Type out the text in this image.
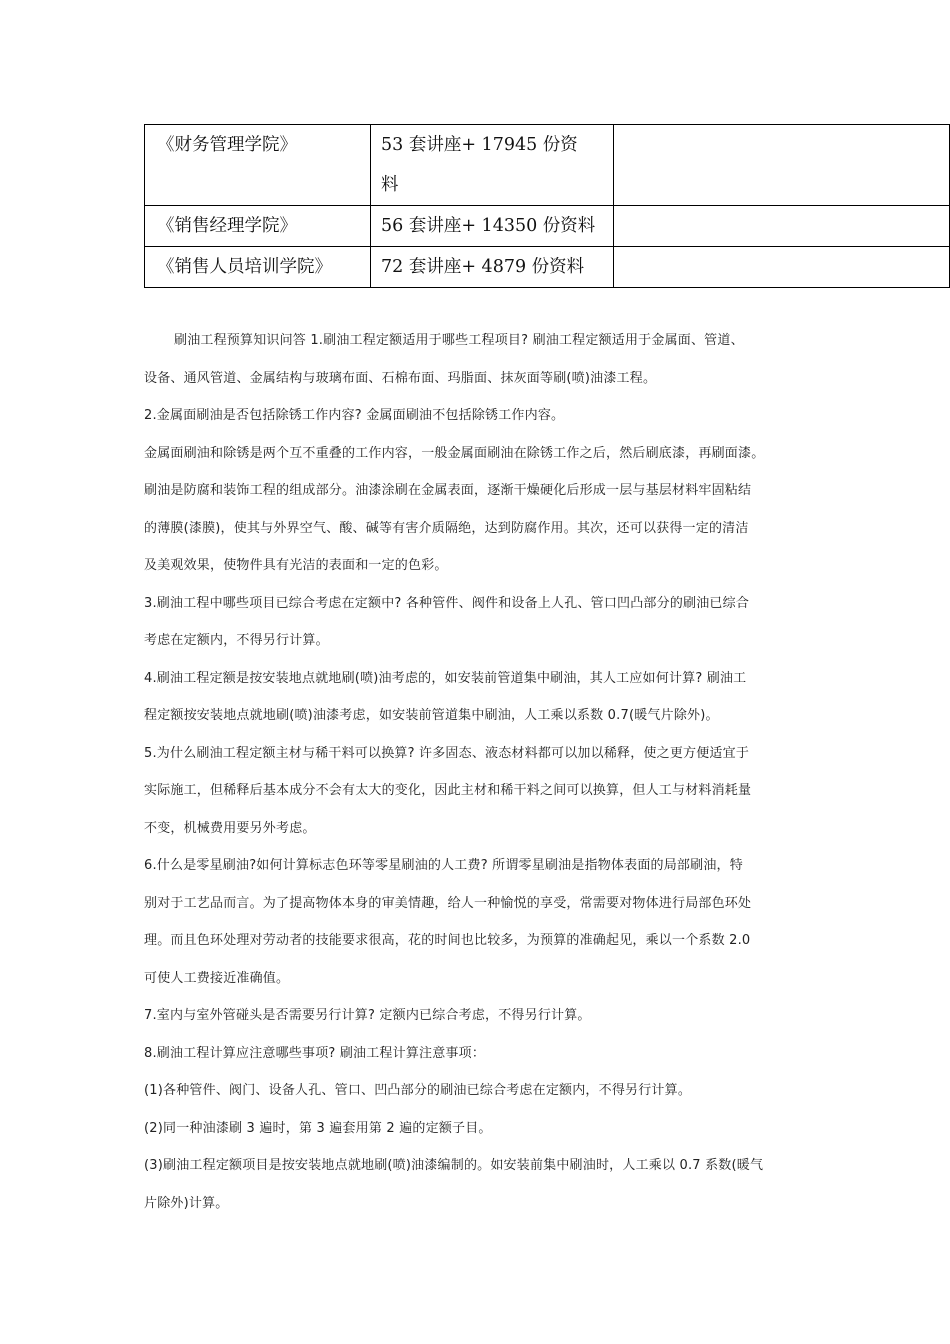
《财务管理学院》	53 套讲座+ 17945 份资
料	
《销售经理学院》	56 套讲座+ 14350 份资料	
《销售人员培训学院》	72 套讲座+ 4879 份资料	
刷油工程预算知识问答 1.刷油工程定额适用于哪些工程项目? 刷油工程定额适用于金属面、管道、
设备、通风管道、金属结构与玻璃布面、石棉布面、玛脂面、抹灰面等刷(喷)油漆工程。
2.金属面刷油是否包括除锈工作内容? 金属面刷油不包括除锈工作内容。
金属面刷油和除锈是两个互不重叠的工作内容，一般金属面刷油在除锈工作之后，然后刷底漆，再刷面漆。
刷油是防腐和装饰工程的组成部分。油漆涂刷在金属表面，逐渐干燥硬化后形成一层与基层材料牢固粘结
的薄膜(漆膜)，使其与外界空气、酸、碱等有害介质隔绝，达到防腐作用。其次，还可以获得一定的清洁
及美观效果，使物件具有光洁的表面和一定的色彩。
3.刷油工程中哪些项目已综合考虑在定额中? 各种管件、阀件和设备上人孔、管口凹凸部分的刷油已综合
考虑在定额内，不得另行计算。
4.刷油工程定额是按安装地点就地刷(喷)油考虑的，如安装前管道集中刷油，其人工应如何计算? 刷油工
程定额按安装地点就地刷(喷)油漆考虑，如安装前管道集中刷油，人工乘以系数 0.7(暖气片除外)。
5.为什么刷油工程定额主材与稀干料可以换算? 许多固态、液态材料都可以加以稀释，使之更方便适宜于
实际施工，但稀释后基本成分不会有太大的变化，因此主材和稀干料之间可以换算，但人工与材料消耗量
不变，机械费用要另外考虑。
6.什么是零星刷油?如何计算标志色环等零星刷油的人工费? 所谓零星刷油是指物体表面的局部刷油，特
别对于工艺品而言。为了提高物体本身的审美情趣，给人一种愉悦的享受，常需要对物体进行局部色环处
理。而且色环处理对劳动者的技能要求很高，花的时间也比较多，为预算的准确起见，乘以一个系数 2.0
可使人工费接近准确值。
7.室内与室外管碰头是否需要另行计算? 定额内已综合考虑，不得另行计算。
8.刷油工程计算应注意哪些事项? 刷油工程计算注意事项：
(1)各种管件、阀门、设备人孔、管口、凹凸部分的刷油已综合考虑在定额内，不得另行计算。
(2)同一种油漆刷 3 遍时，第 3 遍套用第 2 遍的定额子目。
(3)刷油工程定额项目是按安装地点就地刷(喷)油漆编制的。如安装前集中刷油时，人工乘以 0.7 系数(暖气
片除外)计算。
